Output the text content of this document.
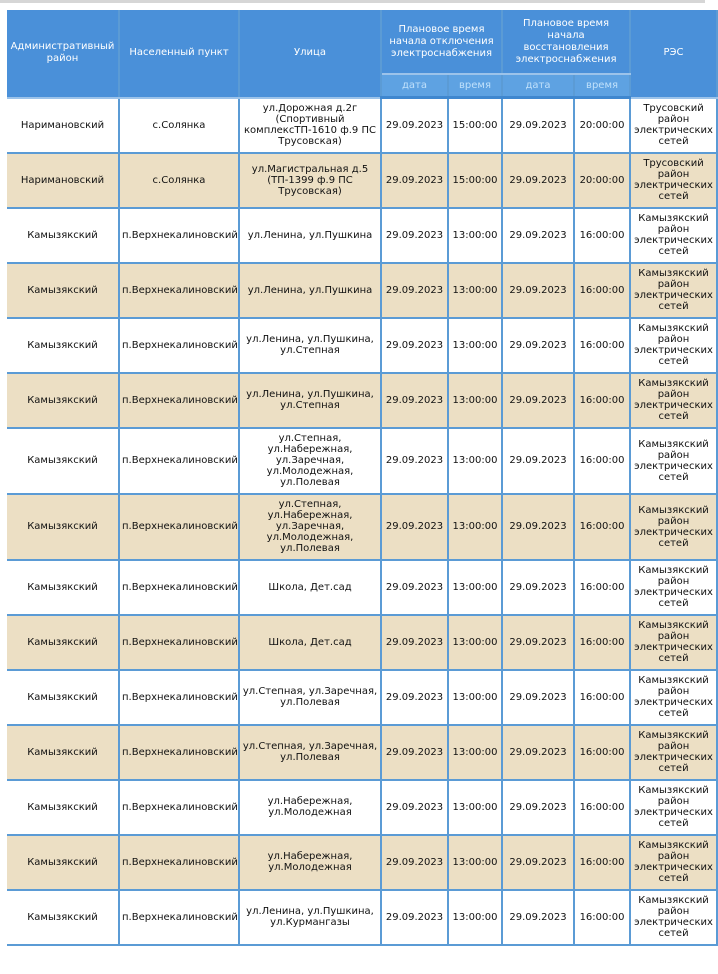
Административный район	Населенный пункт	Улица	Плановое время начала отключения электроснабжения		Плановое время начала восстановления электроснабжения		РЭС
			дата	время	дата	время	
Наримановский	с.Солянка	ул.Дорожная д.2г (Спортивный комплексТП-1610 ф.9 ПС Трусовская)	29.09.2023	15:00:00	29.09.2023	20:00:00	Трусовский район электрических сетей
Наримановский	с.Солянка	ул.Магистральная д.5 (ТП-1399 ф.9 ПС Трусовская)	29.09.2023	15:00:00	29.09.2023	20:00:00	Трусовский район электрических сетей
Камызякский	п.Верхнекалиновский	ул.Ленина, ул.Пушкина	29.09.2023	13:00:00	29.09.2023	16:00:00	Камызякский район электрических сетей
Камызякский	п.Верхнекалиновский	ул.Ленина, ул.Пушкина	29.09.2023	13:00:00	29.09.2023	16:00:00	Камызякский район электрических сетей
Камызякский	п.Верхнекалиновский	ул.Ленина, ул.Пушкина, ул.Степная	29.09.2023	13:00:00	29.09.2023	16:00:00	Камызякский район электрических сетей
Камызякский	п.Верхнекалиновский	ул.Ленина, ул.Пушкина, ул.Степная	29.09.2023	13:00:00	29.09.2023	16:00:00	Камызякский район электрических сетей
Камызякский	п.Верхнекалиновский	ул.Степная, ул.Набережная, ул.Заречная, ул.Молодежная, ул.Полевая	29.09.2023	13:00:00	29.09.2023	16:00:00	Камызякский район электрических сетей
Камызякский	п.Верхнекалиновский	ул.Степная, ул.Набережная, ул.Заречная, ул.Молодежная, ул.Полевая	29.09.2023	13:00:00	29.09.2023	16:00:00	Камызякский район электрических сетей
Камызякский	п.Верхнекалиновский	Школа, Дет.сад	29.09.2023	13:00:00	29.09.2023	16:00:00	Камызякский район электрических сетей
Камызякский	п.Верхнекалиновский	Школа, Дет.сад	29.09.2023	13:00:00	29.09.2023	16:00:00	Камызякский район электрических сетей
Камызякский	п.Верхнекалиновский	ул.Степная, ул.Заречная, ул.Полевая	29.09.2023	13:00:00	29.09.2023	16:00:00	Камызякский район электрических сетей
Камызякский	п.Верхнекалиновский	ул.Степная, ул.Заречная, ул.Полевая	29.09.2023	13:00:00	29.09.2023	16:00:00	Камызякский район электрических сетей
Камызякский	п.Верхнекалиновский	ул.Набережная, ул.Молодежная	29.09.2023	13:00:00	29.09.2023	16:00:00	Камызякский район электрических сетей
Камызякский	п.Верхнекалиновский	ул.Набережная, ул.Молодежная	29.09.2023	13:00:00	29.09.2023	16:00:00	Камызякский район электрических сетей
Камызякский	п.Верхнекалиновский	ул.Ленина, ул.Пушкина, ул.Курмангазы	29.09.2023	13:00:00	29.09.2023	16:00:00	Камызякский район электрических сетей
